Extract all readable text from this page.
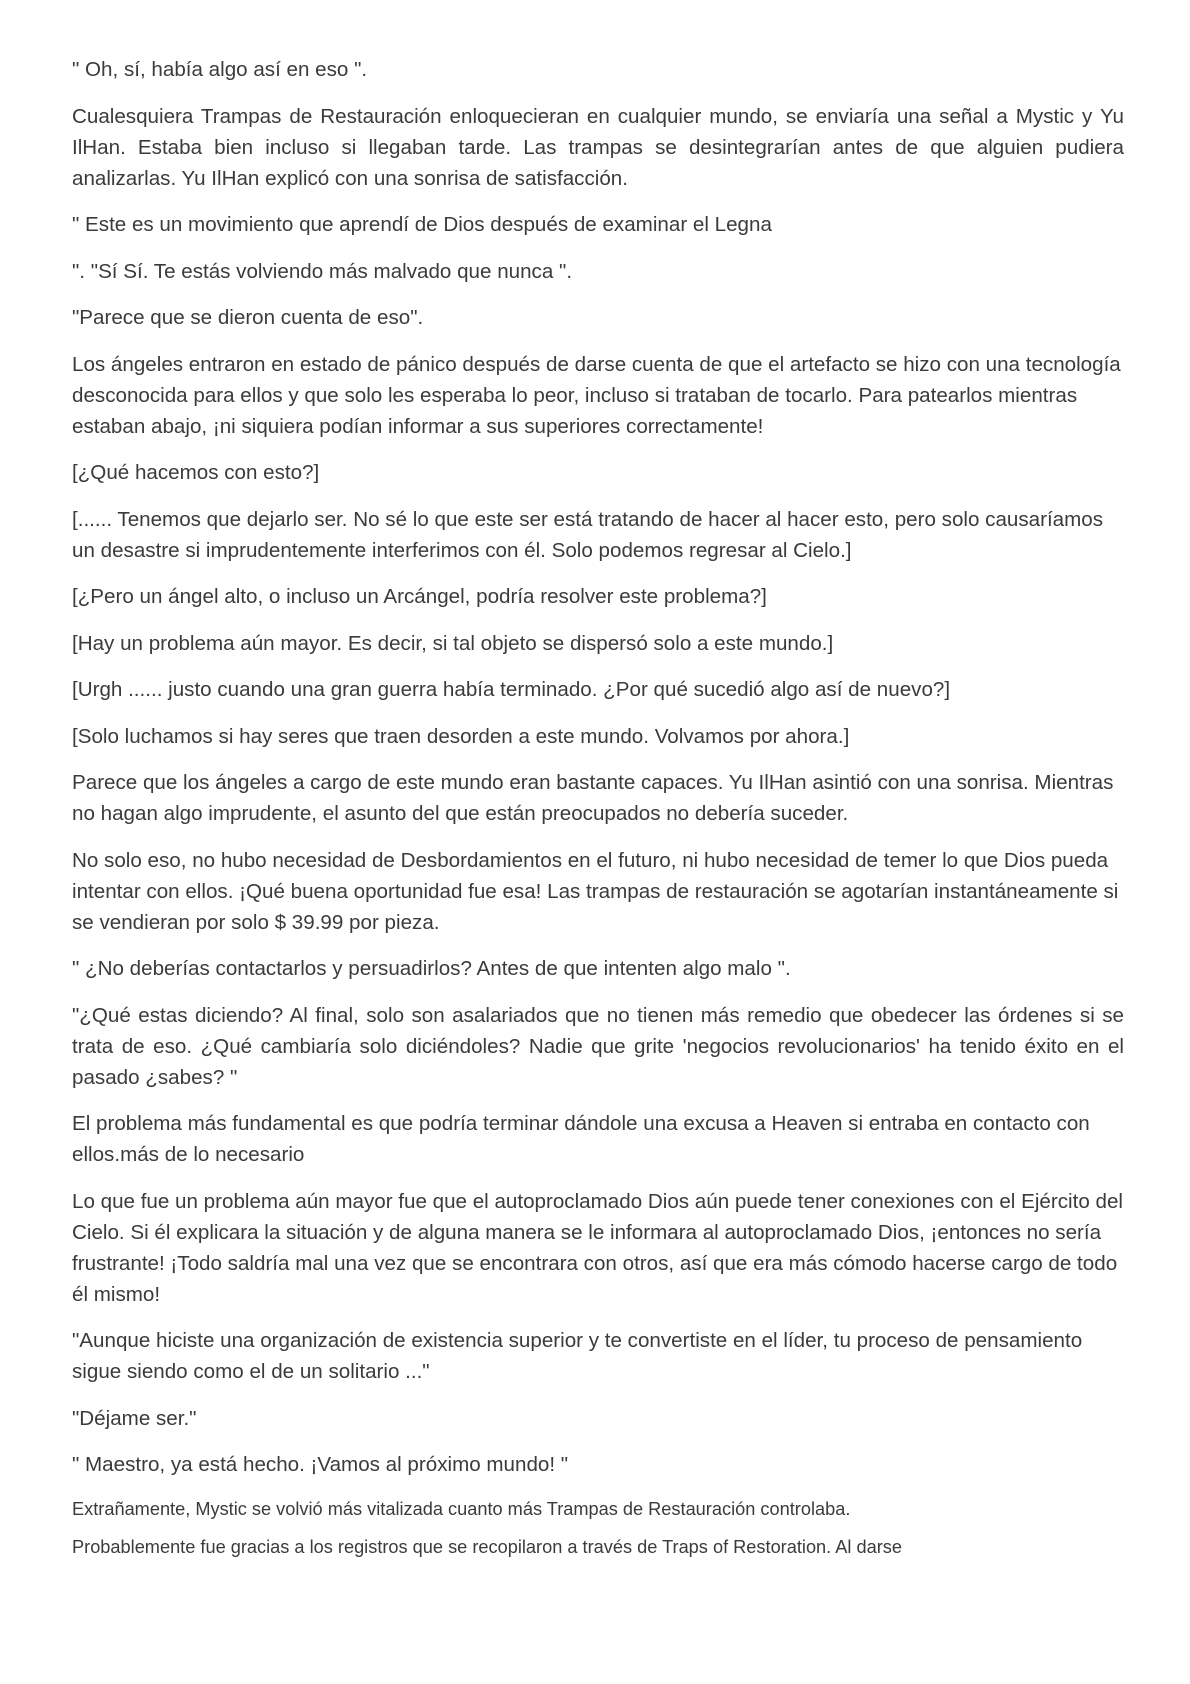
" Oh, sí, había algo así en eso ".

Cualesquiera Trampas de Restauración enloquecieran en cualquier mundo, se enviaría una señal a Mystic y Yu IlHan. Estaba bien incluso si llegaban tarde. Las trampas se desintegrarían antes de que alguien pudiera analizarlas. Yu IlHan explicó con una sonrisa de satisfacción.

" Este es un movimiento que aprendí de Dios después de examinar el Legna

". "Sí Sí. Te estás volviendo más malvado que nunca ".

"Parece que se dieron cuenta de eso".

Los ángeles entraron en estado de pánico después de darse cuenta de que el artefacto se hizo con una tecnología desconocida para ellos y que solo les esperaba lo peor, incluso si trataban de tocarlo. Para patearlos mientras estaban abajo, ¡ni siquiera podían informar a sus superiores correctamente!

[¿Qué hacemos con esto?]

[...... Tenemos que dejarlo ser. No sé lo que este ser está tratando de hacer al hacer esto, pero solo causaríamos un desastre si imprudentemente interferimos con él. Solo podemos regresar al Cielo.]

[¿Pero un ángel alto, o incluso un Arcángel, podría resolver este problema?]

[Hay un problema aún mayor. Es decir, si tal objeto se dispersó solo a este mundo.]

[Urgh ...... justo cuando una gran guerra había terminado. ¿Por qué sucedió algo así de nuevo?]

[Solo luchamos si hay seres que traen desorden a este mundo. Volvamos por ahora.]

Parece que los ángeles a cargo de este mundo eran bastante capaces. Yu IlHan asintió con una sonrisa. Mientras no hagan algo imprudente, el asunto del que están preocupados no debería suceder.

No solo eso, no hubo necesidad de Desbordamientos en el futuro, ni hubo necesidad de temer lo que Dios pueda intentar con ellos. ¡Qué buena oportunidad fue esa! Las trampas de restauración se agotarían instantáneamente si se vendieran por solo $ 39.99 por pieza.

" ¿No deberías contactarlos y persuadirlos? Antes de que intenten algo malo ".

"¿Qué estas diciendo? Al final, solo son asalariados que no tienen más remedio que obedecer las órdenes si se trata de eso. ¿Qué cambiaría solo diciéndoles? Nadie que grite 'negocios revolucionarios' ha tenido éxito en el pasado ¿sabes? "

El problema más fundamental es que podría terminar dándole una excusa a Heaven si entraba en contacto con ellos.más de lo necesario

Lo que fue un problema aún mayor fue que el autoproclamado Dios aún puede tener conexiones con el Ejército del Cielo. Si él explicara la situación y de alguna manera se le informara al autoproclamado Dios, ¡entonces no sería frustrante! ¡Todo saldría mal una vez que se encontrara con otros, así que era más cómodo hacerse cargo de todo él mismo!

"Aunque hiciste una organización de existencia superior y te convertiste en el líder, tu proceso de pensamiento sigue siendo como el de un solitario ..."

"Déjame ser."

" Maestro, ya está hecho. ¡Vamos al próximo mundo! "

Extrañamente, Mystic se volvió más vitalizada cuanto más Trampas de Restauración controlaba.

Probablemente fue gracias a los registros que se recopilaron a través de Traps of Restoration. Al darse
